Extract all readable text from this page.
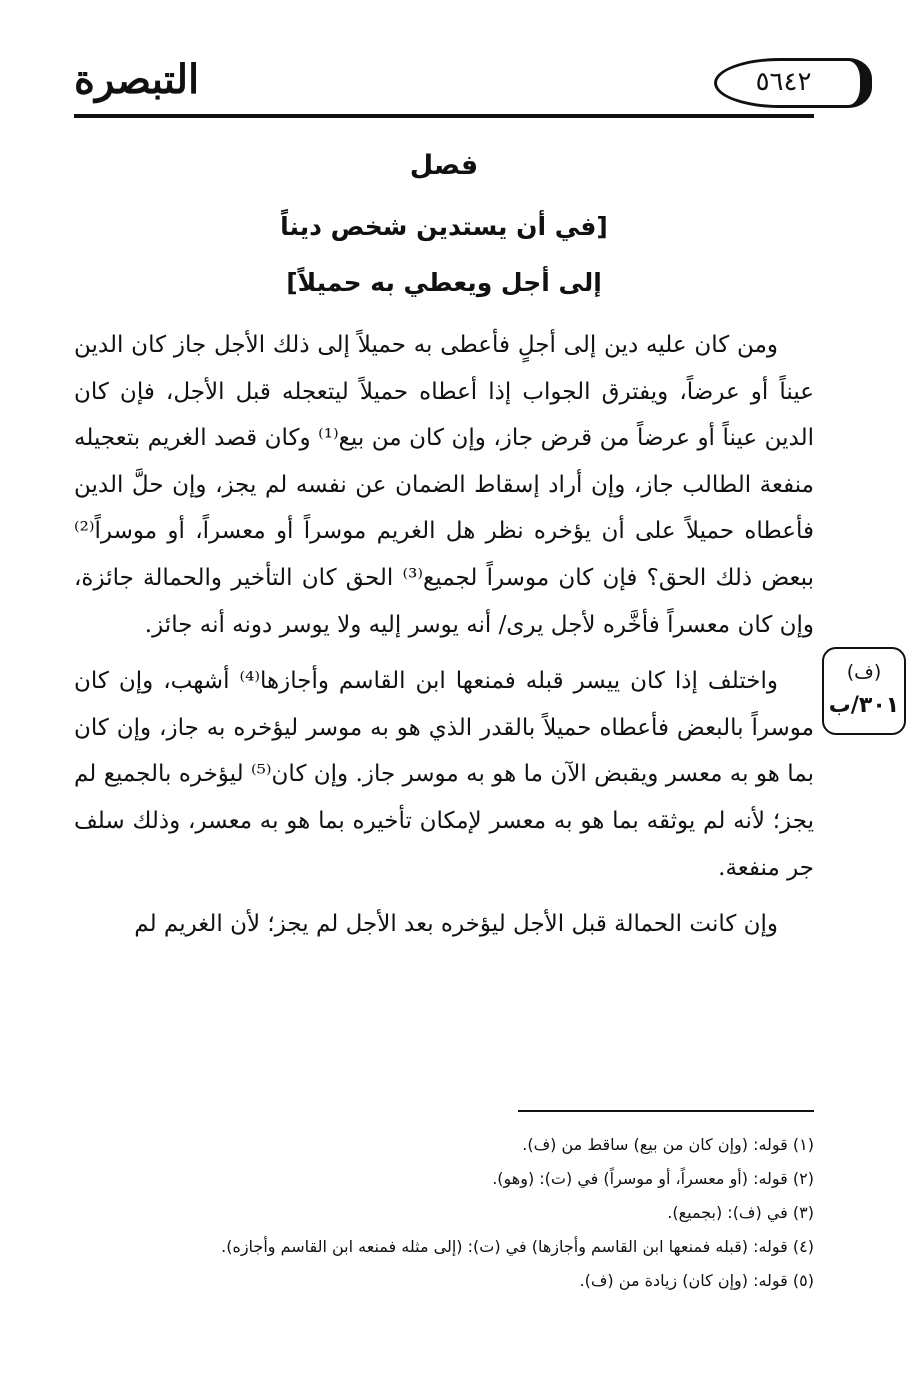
التبصرة	٥٦٤٢
فصل
[في أن يستدين شخص ديناً
إلى أجل ويعطي به حميلاً]

ومن كان عليه دين إلى أجلٍ فأعطى به حميلاً إلى ذلك الأجل جاز كان الدين عيناً أو عرضاً، ويفترق الجواب إذا أعطاه حميلاً ليتعجله قبل الأجل، فإن كان الدين عيناً أو عرضاً من قرض جاز، وإن كان من بيع⁽¹⁾ وكان قصد الغريم بتعجيله منفعة الطالب جاز، وإن أراد إسقاط الضمان عن نفسه لم يجز، وإن حلَّ الدين فأعطاه حميلاً على أن يؤخره نظر هل الغريم موسراً أو معسراً، أو موسراً⁽²⁾ ببعض ذلك الحق؟ فإن كان موسراً لجميع⁽³⁾ الحق كان التأخير والحمالة جائزة، وإن كان معسراً فأخَّره لأجل يرى/ أنه يوسر إليه ولا يوسر دونه أنه جائز.

واختلف إذا كان ييسر قبله فمنعها ابن القاسم وأجازها⁽⁴⁾ أشهب، وإن كان موسراً بالبعض فأعطاه حميلاً بالقدر الذي هو به موسر ليؤخره به جاز، وإن كان بما هو به معسر ويقبض الآن ما هو به موسر جاز. وإن كان⁽⁵⁾ ليؤخره بالجميع لم يجز؛ لأنه لم يوثقه بما هو به معسر لإمكان تأخيره بما هو به معسر، وذلك سلف جر منفعة.

وإن كانت الحمالة قبل الأجل ليؤخره بعد الأجل لم يجز؛ لأن الغريم لم

(ف)
٣٠١/ب

(١) قوله: (وإن كان من بيع) ساقط من (ف).

(٢) قوله: (أو معسراً، أو موسراً) في (ت): (وهو).

(٣) في (ف): (بجميع).

(٤) قوله: (قبله فمنعها ابن القاسم وأجازها) في (ت): (إلى مثله فمنعه ابن القاسم وأجازه).

(٥) قوله: (وإن كان) زيادة من (ف).
